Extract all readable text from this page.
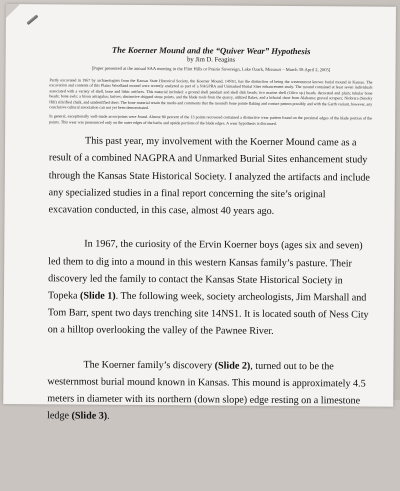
The Koerner Mound and the “Quiver Wear” Hypothesis

by Jim D. Feagins

[Paper presented at the annual SAA meeting in the Flint Hills or Prairie Sovereign, Lake Ozark, Missouri – March 30-April 2, 2005]

Partly excavated in 1967 by archaeologists from the Kansas State Historical Society, the Koerner Mound, 14NS1, has the distinction of being the westernmost known burial mound in Kansas. The excavation and contents of this Plains Woodland mound were recently analyzed as part of a NAGPRA and Unmarked Burial Sites enhancement study. The mound contained at least seven individuals associated with a variety of shell, bone and lithic artifacts. This material included: a ground shell pendant and shell disk beads; two marine shell (Olivo sp.) beads, decorated and plain; tubular bone beads; bone awls; a bison astragalus; knives; distinctive chipped stone points, and the blade tools from the quarry, utilized flakes, and a bifacial chert from Alabama; graved scrapers; Niobrara (Smoky Hill) silicified chalk, and unidentified chert. The bone material retain the marks and comments that the mound's bone pointe flaking and contact pattern possibly and with the Garth variant, however, any conclusive cultural association can not yet been demonstrated.

In general, exceptionally well-made arrowpoints were found. Almost 80 percent of the 13 points recovered contained a distinctive wear pattern found on the proximal edges of the blade portion of the points. This wear was pronounced only on the outer edges of the barbs and upside portions of the blade edges. A wear hypothesis is discussed.

This past year, my involvement with the Koerner Mound came as a result of a combined NAGPRA and Unmarked Burial Sites enhancement study through the Kansas State Historical Society. I analyzed the artifacts and include any specialized studies in a final report concerning the site’s original excavation conducted, in this case, almost 40 years ago.

In 1967, the curiosity of the Ervin Koerner boys (ages six and seven) led them to dig into a mound in this western Kansas family’s pasture. Their discovery led the family to contact the Kansas State Historical Society in Topeka (Slide 1). The following week, society archeologists, Jim Marshall and Tom Barr, spent two days trenching site 14NS1. It is located south of Ness City on a hilltop overlooking the valley of the Pawnee River.

The Koerner family’s discovery (Slide 2), turned out to be the westernmost burial mound known in Kansas. This mound is approximately 4.5 meters in diameter with its northern (down slope) edge resting on a limestone ledge (Slide 3).
